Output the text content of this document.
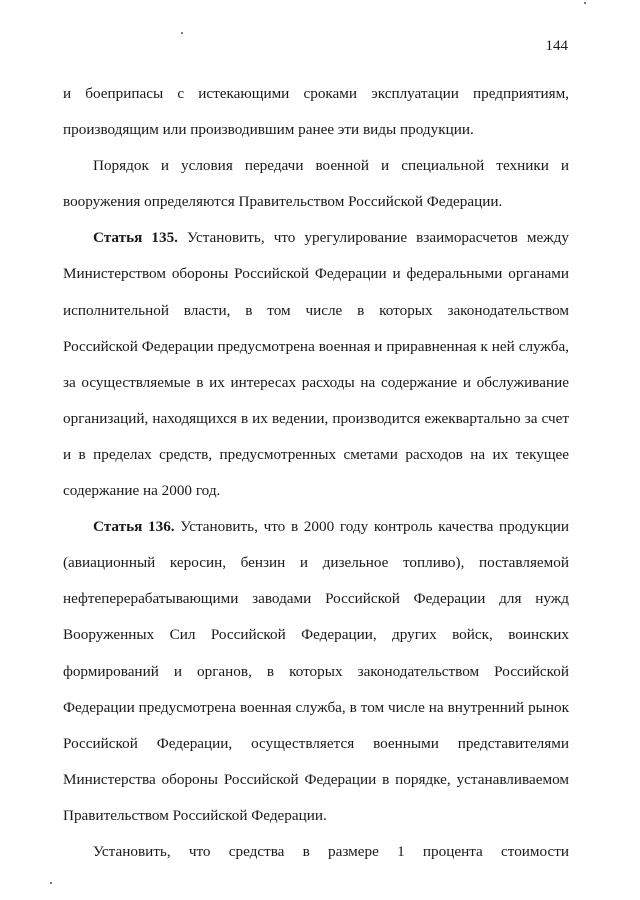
144

и боеприпасы с истекающими сроками эксплуатации предприятиям, производящим или производившим ранее эти виды продукции.

Порядок и условия передачи военной и специальной техники и вооружения определяются Правительством Российской Федерации.

Статья 135. Установить, что урегулирование взаиморасчетов между Министерством обороны Российской Федерации и федеральными органами исполнительной власти, в том числе в которых законодательством Российской Федерации предусмотрена военная и приравненная к ней служба, за осуществляемые в их интересах расходы на содержание и обслуживание организаций, находящихся в их ведении, производится ежеквартально за счет и в пределах средств, предусмотренных сметами расходов на их текущее содержание на 2000 год.

Статья 136. Установить, что в 2000 году контроль качества продукции (авиационный керосин, бензин и дизельное топливо), поставляемой нефтеперерабатывающими заводами Российской Федерации для нужд Вооруженных Сил Российской Федерации, других войск, воинских формирований и органов, в которых законодательством Российской Федерации предусмотрена военная служба, в том числе на внутренний рынок Российской Федерации, осуществляется военными представителями Министерства обороны Российской Федерации в порядке, устанавливаемом Правительством Российской Федерации.

Установить, что средства в размере 1 процента стоимости
